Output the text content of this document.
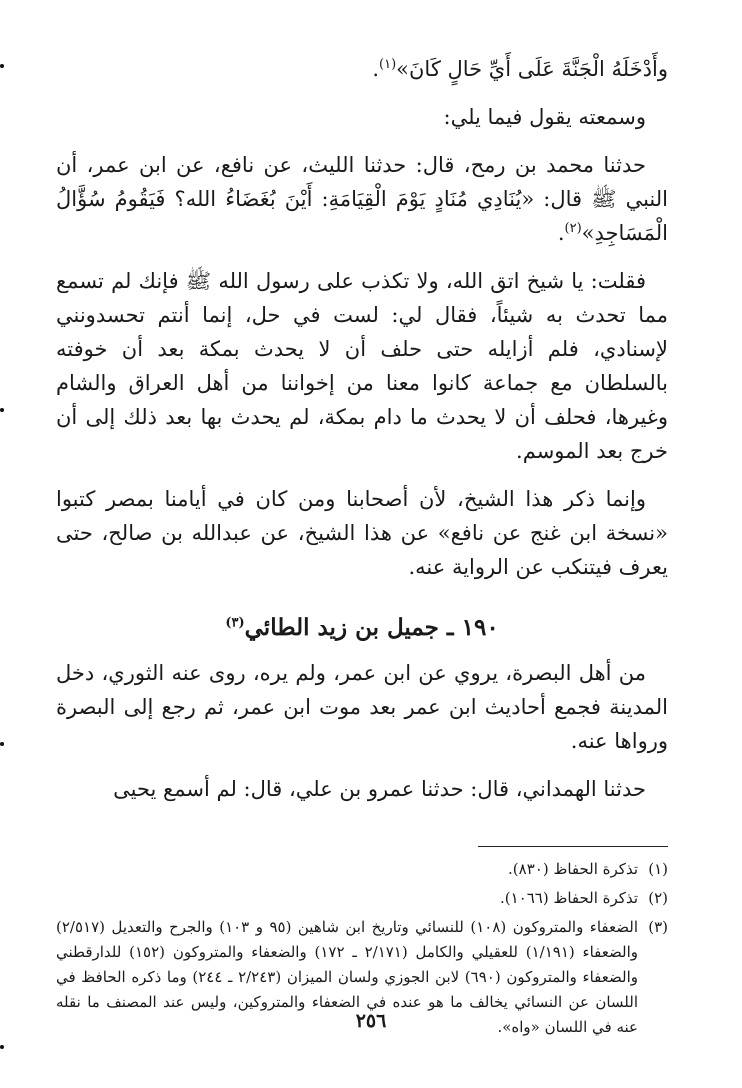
وأَدْخَلَهُ الْجَنَّةَ عَلَى أَيِّ حَالٍ كَانَ»$^{(١)}$.

وسمعته يقول فيما يلي:

حدثنا محمد بن رمح، قال: حدثنا الليث، عن نافع، عن ابن عمر، أن النبي ﷺ قال: «يُنَادِي مُنَادٍ يَوْمَ الْقِيَامَةِ: أَيْنَ بُغَضَاءُ الله؟ فَيَقُومُ سُؤَّالُ الْمَسَاجِدِ»$^{(٢)}$.

فقلت: يا شيخ اتق الله، ولا تكذب على رسول الله ﷺ فإنك لم تسمع مما تحدث به شيئاً، فقال لي: لست في حل، إنما أنتم تحسدونني لإسنادي، فلم أزايله حتى حلف أن لا يحدث بمكة بعد أن خوفته بالسلطان مع جماعة كانوا معنا من إخواننا من أهل العراق والشام وغيرها، فحلف أن لا يحدث ما دام بمكة، لم يحدث بها بعد ذلك إلى أن خرج بعد الموسم.

وإنما ذكر هذا الشيخ، لأن أصحابنا ومن كان في أيامنا بمصر كتبوا «نسخة ابن غنج عن نافع» عن هذا الشيخ، عن عبدالله بن صالح، حتى يعرف فيتنكب عن الرواية عنه.

١٩٠ ـ جميل بن زيد الطائي$^{(٣)}$

من أهل البصرة، يروي عن ابن عمر، ولم يره، روى عنه الثوري، دخل المدينة فجمع أحاديث ابن عمر بعد موت ابن عمر، ثم رجع إلى البصرة ورواها عنه.

حدثنا الهمداني، قال: حدثنا عمرو بن علي، قال: لم أسمع يحيى

(١)
تذكرة الحفاظ (٨٣٠).

(٢)
تذكرة الحفاظ (١٠٦٦).

(٣)
الضعفاء والمتروكون (١٠٨) للنسائي وتاريخ ابن شاهين (٩٥ و ١٠٣) والجرح والتعديل (٢/٥١٧) والضعفاء (١/١٩١) للعقيلي والكامل (٢/١٧١ ـ ١٧٢) والضعفاء والمتروكون (١٥٢) للدارقطني والضعفاء والمتروكون (٦٩٠) لابن الجوزي ولسان الميزان (٢/٢٤٣ ـ ٢٤٤) وما ذكره الحافظ في اللسان عن النسائي يخالف ما هو عنده في الضعفاء والمتروكين، وليس عند المصنف ما نقله عنه في اللسان «واه».

٢٥٦
